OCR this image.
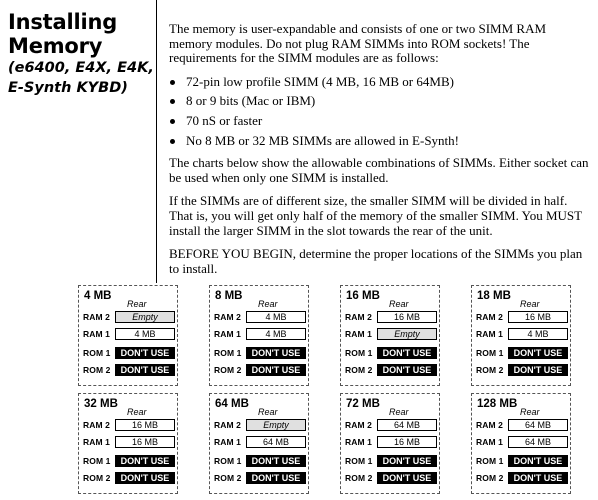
Installing
Memory
(e6400, E4X, E4K,
E-Synth KYBD)

The memory is user-expandable and consists of one or two SIMM RAM memory modules. Do not plug RAM SIMMs into ROM sockets! The requirements for the SIMM modules are as follows:

72-pin low profile SIMM (4 MB, 16 MB or 64MB)
8 or 9 bits (Mac or IBM)
70 nS or faster
No 8 MB or 32 MB SIMMs are allowed in E-Synth!

The charts below show the allowable combinations of SIMMs. Either socket can be used when only one SIMM is installed.

If the SIMMs are of different size, the smaller SIMM will be divided in half. That is, you will get only half of the memory of the smaller SIMM. You MUST install the larger SIMM in the slot towards the rear of the unit.

BEFORE YOU BEGIN, determine the proper locations of the SIMMs you plan to install.

4 MB
Rear
RAM 2	Empty
RAM 1	4 MB
ROM 1	DON'T USE
ROM 2	DON'T USE
8 MB
Rear
RAM 2	4 MB
RAM 1	4 MB
ROM 1	DON'T USE
ROM 2	DON'T USE
16 MB
Rear
RAM 2	16 MB
RAM 1	Empty
ROM 1	DON'T USE
ROM 2	DON'T USE
18 MB
Rear
RAM 2	16 MB
RAM 1	4 MB
ROM 1	DON'T USE
ROM 2	DON'T USE
32 MB
Rear
RAM 2	16 MB
RAM 1	16 MB
ROM 1	DON'T USE
ROM 2	DON'T USE
64 MB
Rear
RAM 2	Empty
RAM 1	64 MB
ROM 1	DON'T USE
ROM 2	DON'T USE
72 MB
Rear
RAM 2	64 MB
RAM 1	16 MB
ROM 1	DON'T USE
ROM 2	DON'T USE
128 MB
Rear
RAM 2	64 MB
RAM 1	64 MB
ROM 1	DON'T USE
ROM 2	DON'T USE
